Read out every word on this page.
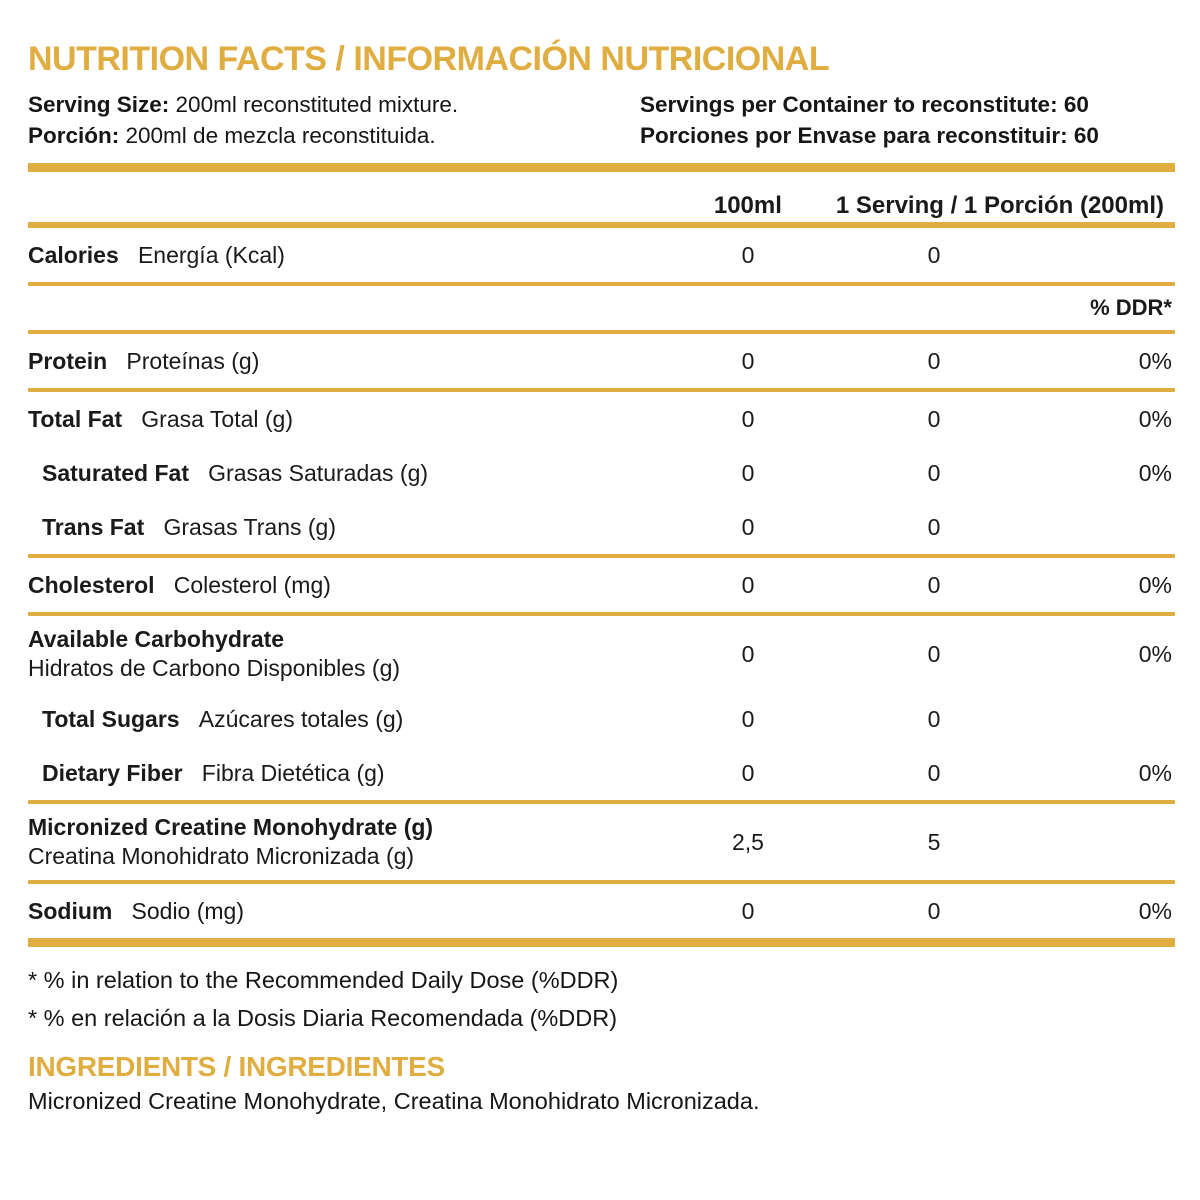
NUTRITION FACTS / INFORMACIÓN NUTRICIONAL
Serving Size: 200ml reconstituted mixture.
Porción: 200ml de mezcla reconstituida.
Servings per Container to reconstitute: 60
Porciones por Envase para reconstituir: 60
100ml	1 Serving / 1 Porción (200ml)
Calories Energía (Kcal)	0	0
% DDR*
Protein Proteínas (g)	0	0	0%
Total Fat Grasa Total (g)	0	0	0%
Saturated Fat Grasas Saturadas (g)	0	0	0%
Trans Fat Grasas Trans (g)	0	0
Cholesterol Colesterol (mg)	0	0	0%
Available Carbohydrate
Hidratos de Carbono Disponibles (g)
0	0	0%
Total Sugars Azúcares totales (g)	0	0
Dietary Fiber Fibra Dietética (g)	0	0	0%
Micronized Creatine Monohydrate (g)
Creatina Monohidrato Micronizada (g)
2,5	5
Sodium Sodio (mg)	0	0	0%
* % in relation to the Recommended Daily Dose (%DDR)
* % en relación a la Dosis Diaria Recomendada (%DDR)
INGREDIENTS / INGREDIENTES
Micronized Creatine Monohydrate, Creatina Monohidrato Micronizada.
